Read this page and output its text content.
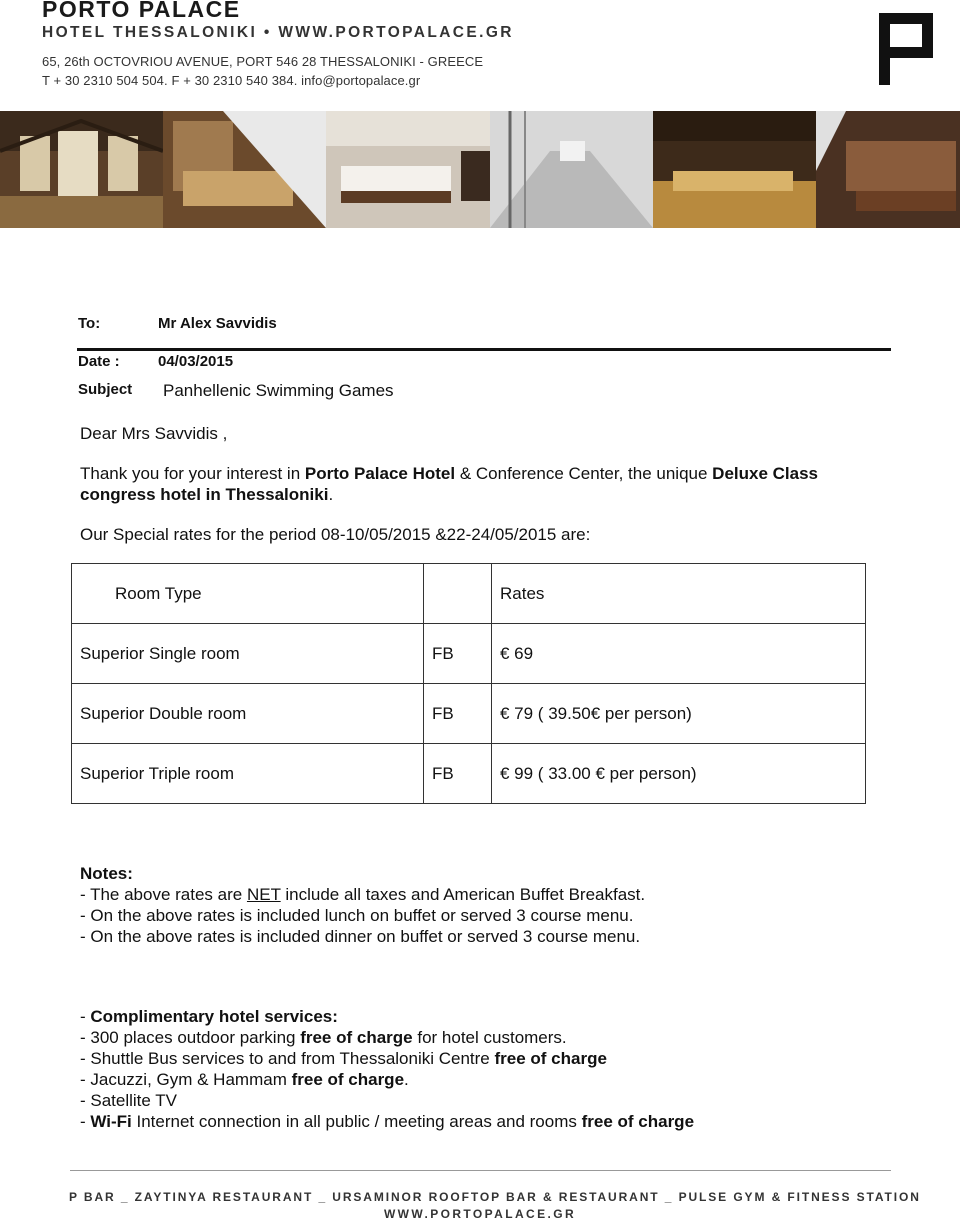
PORTO PALACE
HOTEL THESSALONIKI • WWW.PORTOPALACE.GR
65, 26th OCTOVRIOU AVENUE, PORT 546 28 THESSALONIKI - GREECE
T + 30 2310 504 504. F + 30 2310 540 384. info@portopalace.gr
To:	Mr Alex Savvidis
Date :	04/03/2015
Subject Panhellenic Swimming Games
Dear Mrs Savvidis ,
Thank you for your interest in Porto Palace Hotel & Conference Center, the unique Deluxe Class congress hotel in Thessaloniki.
Our Special rates for the period 08-10/05/2015 &22-24/05/2015 are:
Room Type		Rates
Superior Single room	FB	€ 69
Superior Double room	FB	€ 79 ( 39.50€ per person)
Superior Triple room	FB	€ 99 ( 33.00 € per person)
Notes:
- The above rates are NET include all taxes and American Buffet Breakfast.
- On the above rates is included lunch on buffet or served 3 course menu.
- On the above rates is included dinner on buffet or served 3 course menu.
- Complimentary hotel services:
- 300 places outdoor parking free of charge for hotel customers.
- Shuttle Bus services to and from Thessaloniki Centre free of charge
- Jacuzzi, Gym & Hammam free of charge.
- Satellite TV
- Wi-Fi Internet connection in all public / meeting areas and rooms free of charge
P BAR _ ZAYTINYA RESTAURANT _ URSAMINOR ROOFTOP BAR & RESTAURANT _ PULSE GYM & FITNESS STATION
WWW.PORTOPALACE.GR
